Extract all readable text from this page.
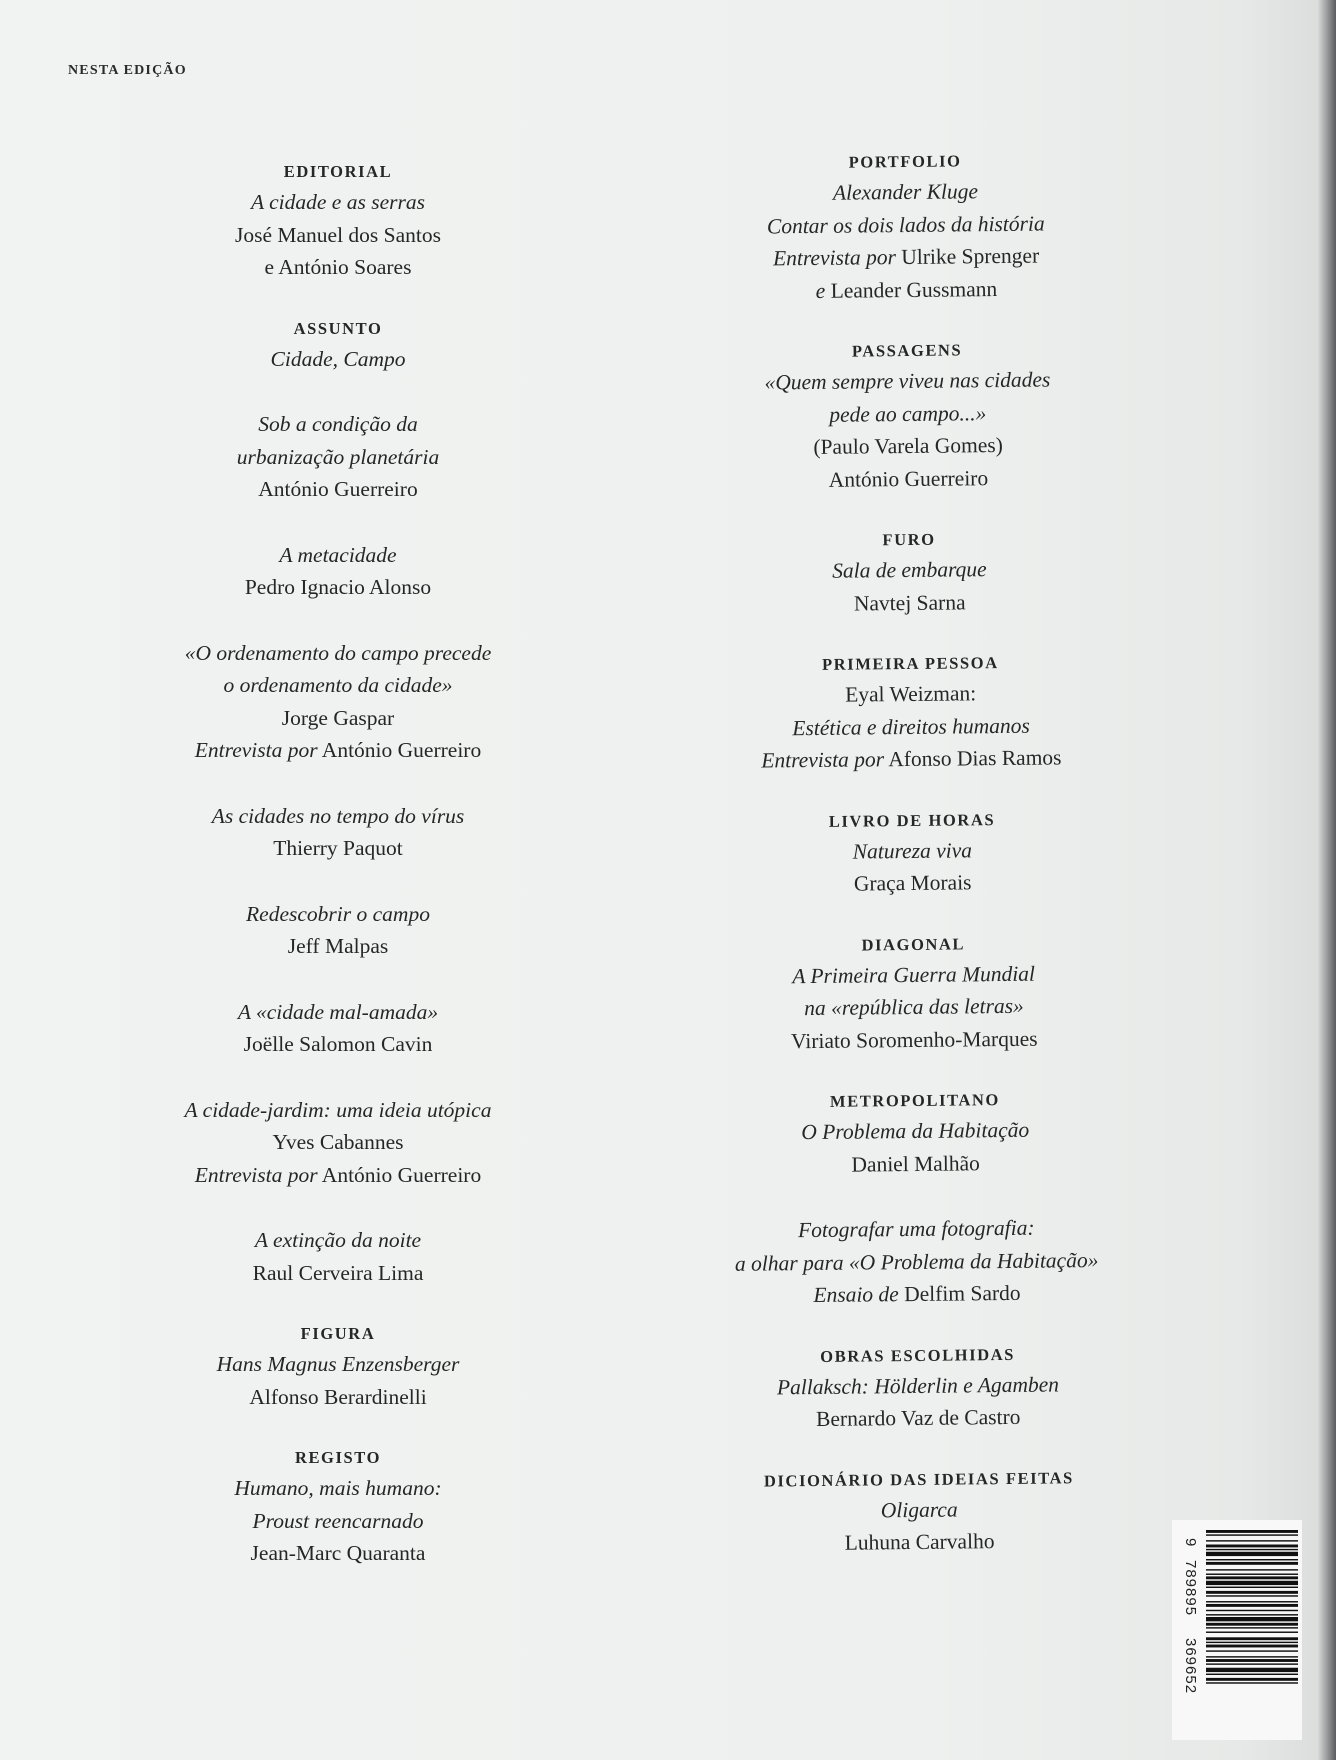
NESTA EDIÇÃO
EDITORIAL
A cidade e as serras
José Manuel dos Santos
e António Soares
ASSUNTO
Cidade, Campo
Sob a condição da
urbanização planetária
António Guerreiro
A metacidade
Pedro Ignacio Alonso
«O ordenamento do campo precede
o ordenamento da cidade»
Jorge Gaspar
Entrevista por António Guerreiro
As cidades no tempo do vírus
Thierry Paquot
Redescobrir o campo
Jeff Malpas
A «cidade mal-amada»
Joëlle Salomon Cavin
A cidade-jardim: uma ideia utópica
Yves Cabannes
Entrevista por António Guerreiro
A extinção da noite
Raul Cerveira Lima
FIGURA
Hans Magnus Enzensberger
Alfonso Berardinelli
REGISTO
Humano, mais humano:
Proust reencarnado
Jean-Marc Quaranta
PORTFOLIO
Alexander Kluge
Contar os dois lados da história
Entrevista por Ulrike Sprenger
e Leander Gussmann
PASSAGENS
«Quem sempre viveu nas cidades
pede ao campo...»
(Paulo Varela Gomes)
António Guerreiro
FURO
Sala de embarque
Navtej Sarna
PRIMEIRA PESSOA
Eyal Weizman:
Estética e direitos humanos
Entrevista por Afonso Dias Ramos
LIVRO DE HORAS
Natureza viva
Graça Morais
DIAGONAL
A Primeira Guerra Mundial
na «república das letras»
Viriato Soromenho-Marques
METROPOLITANO
O Problema da Habitação
Daniel Malhão
Fotografar uma fotografia:
a olhar para «O Problema da Habitação»
Ensaio de Delfim Sardo
OBRAS ESCOLHIDAS
Pallaksch: Hölderlin e Agamben
Bernardo Vaz de Castro
DICIONÁRIO DAS IDEIAS FEITAS
Oligarca
Luhuna Carvalho	9
789895
369652
